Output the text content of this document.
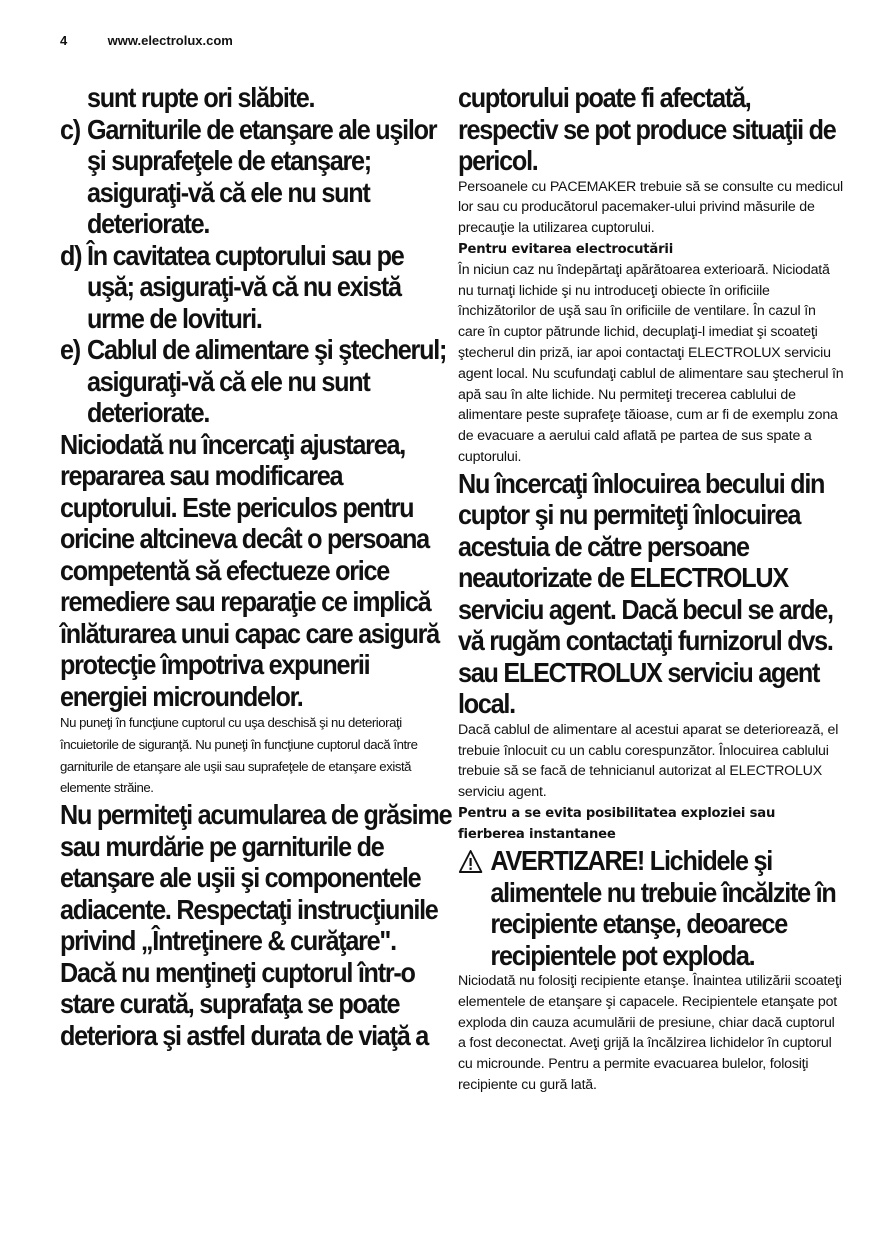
4	www.electrolux.com

sunt rupte ori slăbite.

c) Garniturile de etanşare ale uşilor şi suprafeţele de etanşare; asiguraţi-vă că ele nu sunt deteriorate.
d) În cavitatea cuptorului sau pe uşă; asiguraţi-vă că nu există urme de lovituri.
e) Cablul de alimentare şi ştecherul; asiguraţi-vă că ele nu sunt deteriorate.

Niciodată nu încercaţi ajustarea, repararea sau modificarea cuptorului. Este periculos pentru oricine altcineva decât o persoana competentă să efectueze orice remediere sau reparaţie ce implică înlăturarea unui capac care asigură protecţie împotriva expunerii energiei microundelor.

Nu puneţi în funcţiune cuptorul cu uşa deschisă şi nu deterioraţi încuietorile de siguranţă. Nu puneţi în funcţiune cuptorul dacă între garniturile de etanşare ale uşii sau suprafeţele de etanşare există elemente străine.

Nu permiteţi acumularea de grăsime sau murdărie pe garniturile de etanşare ale uşii şi componentele adiacente. Respectaţi instrucţiunile privind „Întreţinere & curăţare". Dacă nu menţineţi cuptorul într-o stare curată, suprafaţa se poate deteriora şi astfel durata de viaţă a

cuptorului poate fi afectată, respectiv se pot produce situaţii de pericol.

Persoanele cu PACEMAKER trebuie să se consulte cu medicul lor sau cu producătorul pacemaker-ului privind măsurile de precauţie la utilizarea cuptorului.

Pentru evitarea electrocutării

În niciun caz nu îndepărtaţi apărătoarea exterioară. Niciodată nu turnaţi lichide şi nu introduceţi obiecte în orificiile închizătorilor de uşă sau în orificiile de ventilare. În cazul în care în cuptor pătrunde lichid, decuplaţi-l imediat şi scoateţi ştecherul din priză, iar apoi contactaţi ELECTROLUX serviciu agent local. Nu scufundaţi cablul de alimentare sau ştecherul în apă sau în alte lichide. Nu permiteţi trecerea cablului de alimentare peste suprafeţe tăioase, cum ar fi de exemplu zona de evacuare a aerului cald aflată pe partea de sus spate a cuptorului.

Nu încercaţi înlocuirea becului din cuptor şi nu permiteţi înlocuirea acestuia de către persoane neautorizate de ELECTROLUX serviciu agent. Dacă becul se arde, vă rugăm contactaţi furnizorul dvs. sau ELECTROLUX serviciu agent local.

Dacă cablul de alimentare al acestui aparat se deteriorează, el trebuie înlocuit cu un cablu corespunzător. Înlocuirea cablului trebuie să se facă de tehnicianul autorizat al ELECTROLUX serviciu agent.

Pentru a se evita posibilitatea exploziei sau fierberea instantanee

AVERTIZARE! Lichidele şi alimentele nu trebuie încălzite în recipiente etanşe, deoarece recipientele pot exploda.

Niciodată nu folosiţi recipiente etanşe. Înaintea utilizării scoateţi elementele de etanşare şi capacele. Recipientele etanşate pot exploda din cauza acumulării de presiune, chiar dacă cuptorul a fost deconectat. Aveţi grijă la încălzirea lichidelor în cuptorul cu microunde. Pentru a permite evacuarea bulelor, folosiţi recipiente cu gură lată.
